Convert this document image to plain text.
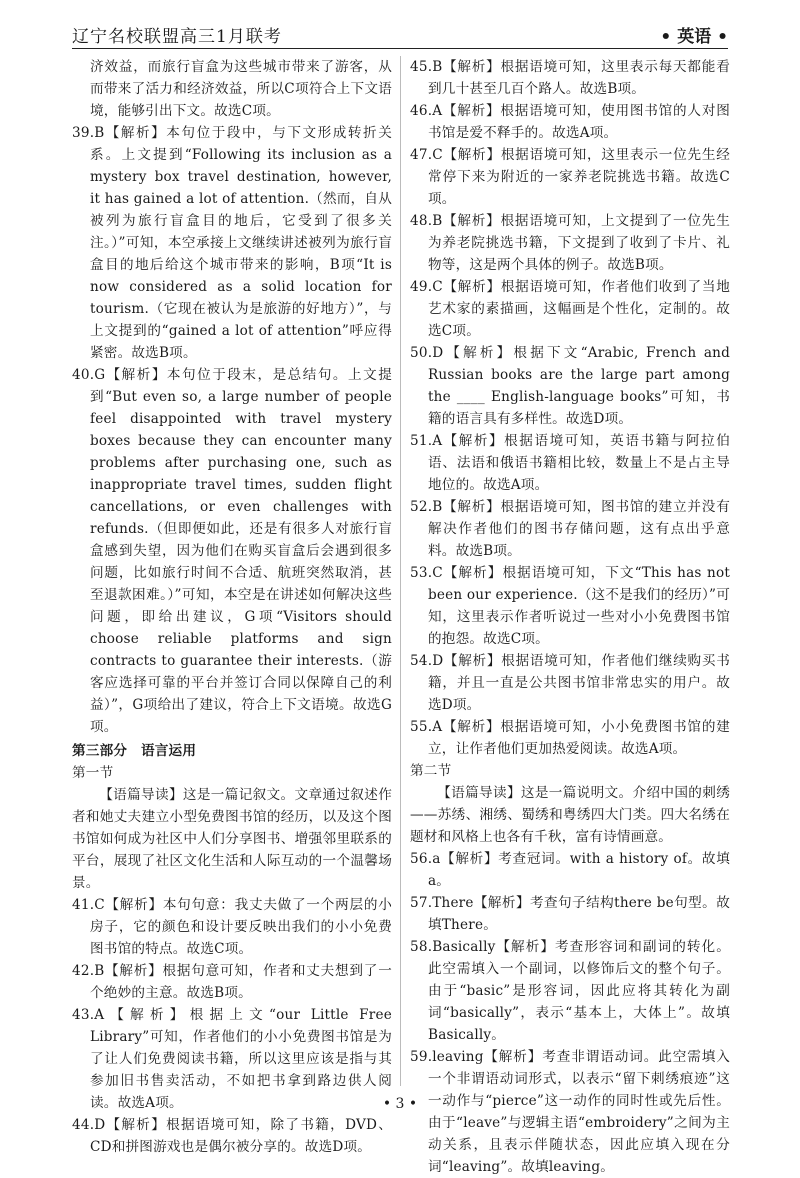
辽宁名校联盟高三1月联考	• 英语 •

济效益，而旅行盲盒为这些城市带来了游客，从而带来了活力和经济效益，所以C项符合上下文语境，能够引出下文。故选C项。

39.B【解析】本句位于段中，与下文形成转折关系。上文提到“Following its inclusion as a mystery box travel destination, however, it has gained a lot of attention.（然而，自从被列为旅行盲盒目的地后，它受到了很多关注。）”可知，本空承接上文继续讲述被列为旅行盲盒目的地后给这个城市带来的影响，B项“It is now considered as a solid location for tourism.（它现在被认为是旅游的好地方）”，与上文提到的“gained a lot of attention”呼应得紧密。故选B项。

40.G【解析】本句位于段末，是总结句。上文提到“But even so, a large number of people feel disappointed with travel mystery boxes because they can encounter many problems after purchasing one, such as inappropriate travel times, sudden flight cancellations, or even challenges with refunds.（但即便如此，还是有很多人对旅行盲盒感到失望，因为他们在购买盲盒后会遇到很多问题，比如旅行时间不合适、航班突然取消，甚至退款困难。）”可知，本空是在讲述如何解决这些问题，即给出建议，G项“Visitors should choose reliable platforms and sign contracts to guarantee their interests.（游客应选择可靠的平台并签订合同以保障自己的利益）”，G项给出了建议，符合上下文语境。故选G项。

第三部分　语言运用

第一节

【语篇导读】这是一篇记叙文。文章通过叙述作者和她丈夫建立小型免费图书馆的经历，以及这个图书馆如何成为社区中人们分享图书、增强邻里联系的平台，展现了社区文化生活和人际互动的一个温馨场景。

41.C【解析】本句句意：我丈夫做了一个两层的小房子，它的颜色和设计要反映出我们的小小免费图书馆的特点。故选C项。

42.B【解析】根据句意可知，作者和丈夫想到了一个绝妙的主意。故选B项。

43.A【解析】根据上文“our Little Free Library”可知，作者他们的小小免费图书馆是为了让人们免费阅读书籍，所以这里应该是指与其参加旧书售卖活动，不如把书拿到路边供人阅读。故选A项。

44.D【解析】根据语境可知，除了书籍，DVD、CD和拼图游戏也是偶尔被分享的。故选D项。

45.B【解析】根据语境可知，这里表示每天都能看到几十甚至几百个路人。故选B项。

46.A【解析】根据语境可知，使用图书馆的人对图书馆是爱不释手的。故选A项。

47.C【解析】根据语境可知，这里表示一位先生经常停下来为附近的一家养老院挑选书籍。故选C项。

48.B【解析】根据语境可知，上文提到了一位先生为养老院挑选书籍，下文提到了收到了卡片、礼物等，这是两个具体的例子。故选B项。

49.C【解析】根据语境可知，作者他们收到了当地艺术家的素描画，这幅画是个性化，定制的。故选C项。

50.D【解析】根据下文“Arabic, French and Russian books are the large part among the ____ English-language books”可知，书籍的语言具有多样性。故选D项。

51.A【解析】根据语境可知，英语书籍与阿拉伯语、法语和俄语书籍相比较，数量上不是占主导地位的。故选A项。

52.B【解析】根据语境可知，图书馆的建立并没有解决作者他们的图书存储问题，这有点出乎意料。故选B项。

53.C【解析】根据语境可知，下文“This has not been our experience.（这不是我们的经历）”可知，这里表示作者听说过一些对小小免费图书馆的抱怨。故选C项。

54.D【解析】根据语境可知，作者他们继续购买书籍，并且一直是公共图书馆非常忠实的用户。故选D项。

55.A【解析】根据语境可知，小小免费图书馆的建立，让作者他们更加热爱阅读。故选A项。

第二节

【语篇导读】这是一篇说明文。介绍中国的刺绣——苏绣、湘绣、蜀绣和粤绣四大门类。四大名绣在题材和风格上也各有千秋，富有诗情画意。

56.a【解析】考查冠词。with a history of。故填a。

57.There【解析】考查句子结构there be句型。故填There。

58.Basically【解析】考查形容词和副词的转化。此空需填入一个副词，以修饰后文的整个句子。由于“basic”是形容词，因此应将其转化为副词“basically”，表示“基本上，大体上”。故填Basically。

59.leaving【解析】考查非谓语动词。此空需填入一个非谓语动词形式，以表示“留下刺绣痕迹”这一动作与“pierce”这一动作的同时性或先后性。由于“leave”与逻辑主语“embroidery”之间为主动关系，且表示伴随状态，因此应填入现在分词“leaving”。故填leaving。

• 3 •
